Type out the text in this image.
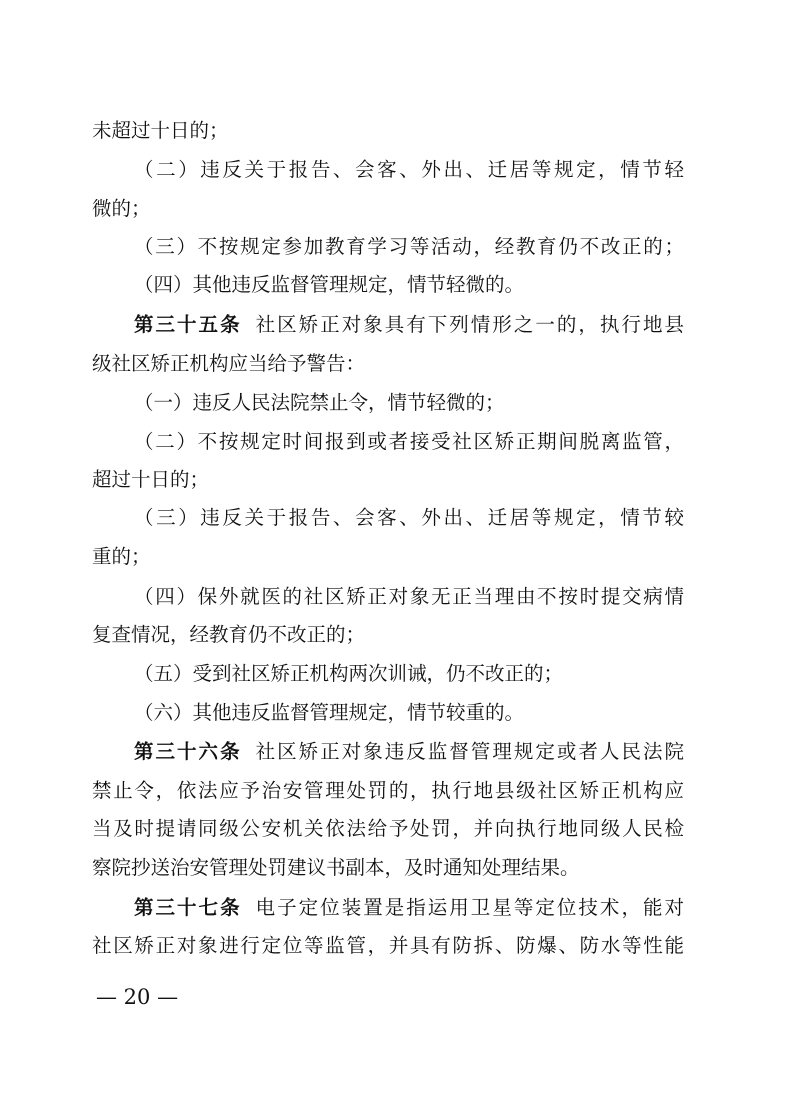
未超过十日的；
（二）违反关于报告、会客、外出、迁居等规定，情节轻
微的；
（三）不按规定参加教育学习等活动，经教育仍不改正的；
（四）其他违反监督管理规定，情节轻微的。
第三十五条 社区矫正对象具有下列情形之一的，执行地县
级社区矫正机构应当给予警告：
（一）违反人民法院禁止令，情节轻微的；
（二）不按规定时间报到或者接受社区矫正期间脱离监管，
超过十日的；
（三）违反关于报告、会客、外出、迁居等规定，情节较
重的；
（四）保外就医的社区矫正对象无正当理由不按时提交病情
复查情况，经教育仍不改正的；
（五）受到社区矫正机构两次训诫，仍不改正的；
（六）其他违反监督管理规定，情节较重的。
第三十六条 社区矫正对象违反监督管理规定或者人民法院
禁止令，依法应予治安管理处罚的，执行地县级社区矫正机构应
当及时提请同级公安机关依法给予处罚，并向执行地同级人民检
察院抄送治安管理处罚建议书副本，及时通知处理结果。
第三十七条 电子定位装置是指运用卫星等定位技术，能对
社区矫正对象进行定位等监管，并具有防拆、防爆、防水等性能
— 20 —
